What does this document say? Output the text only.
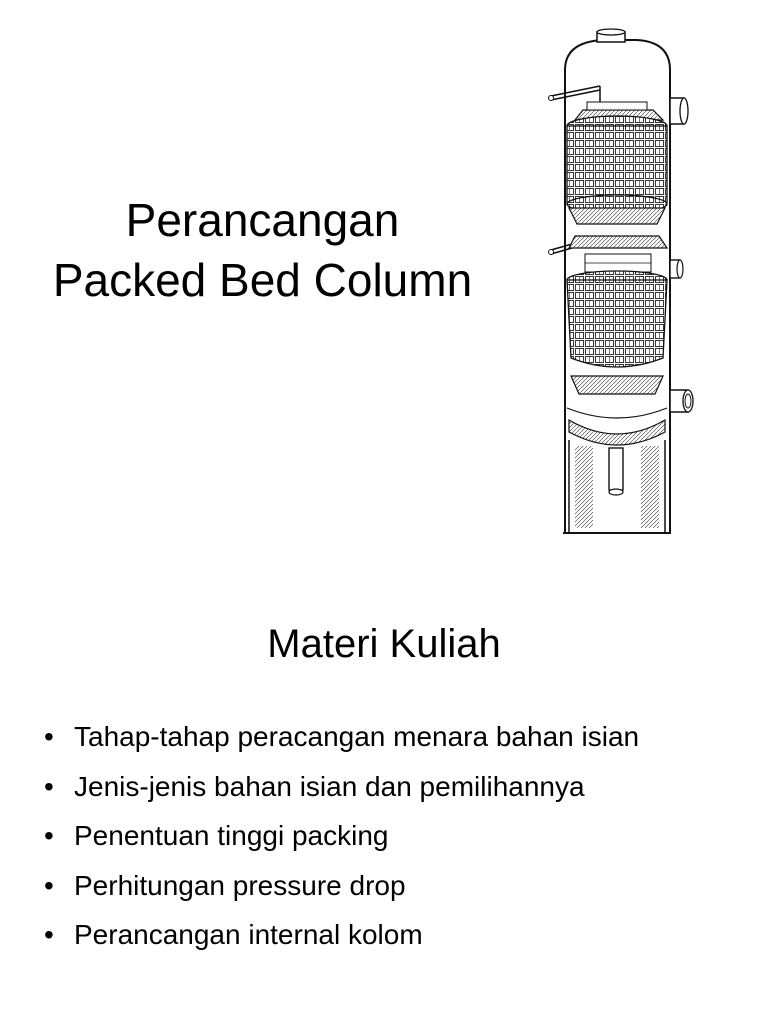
Perancangan
Packed Bed Column
Materi Kuliah
• Tahap-tahap peracangan menara bahan isian
• Jenis-jenis bahan isian dan pemilihannya
• Penentuan tinggi packing
• Perhitungan pressure drop
• Perancangan internal kolom
